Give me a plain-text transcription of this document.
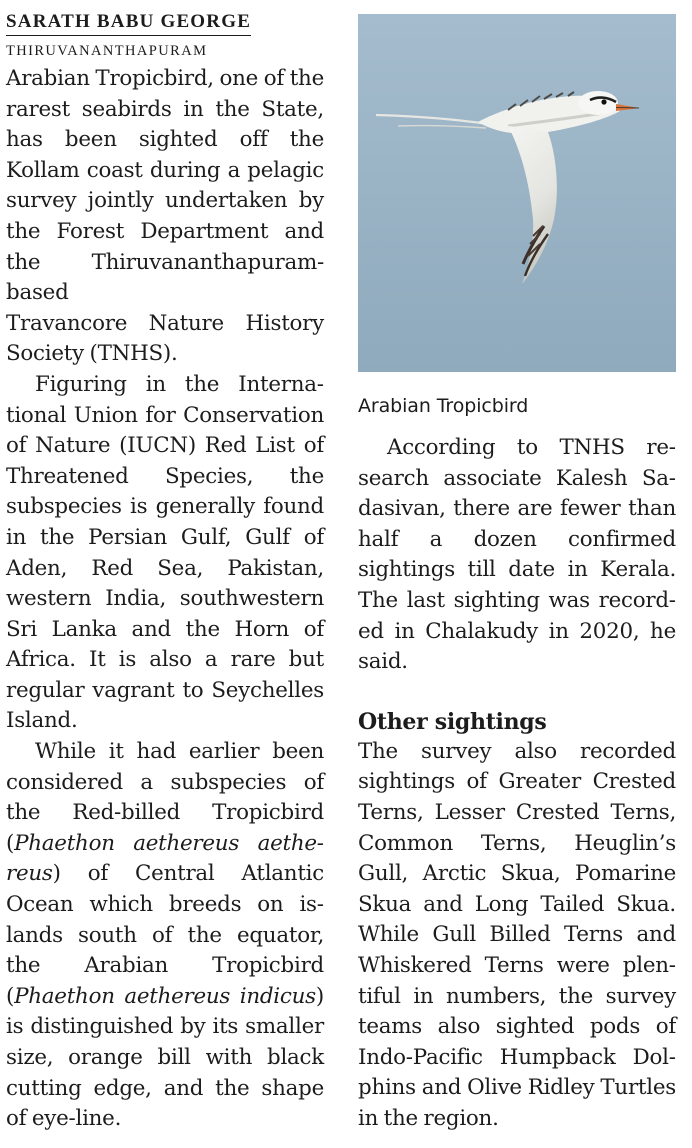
SARATH BABU GEORGE
THIRUVANANTHAPURAM

Arabian Tropicbird, one of the rarest seabirds in the State, has been sighted off the Kollam coast during a pelagic survey jointly undertaken by the Forest Department and the Thiruvananthapuram-based

Travancore Nature History Society (TNHS).

Figuring in the International Union for Conservation of Nature (IUCN) Red List of Threatened Species, the subspecies is generally found in the Persian Gulf, Gulf of Aden, Red Sea, Pakistan, western India, southwestern Sri Lanka and the Horn of Africa. It is also a rare but regular vagrant to Seychelles Island.

While it had earlier been considered a subspecies of the Red-billed Tropicbird (Phaethon aethereus aethereus) of Central Atlantic Ocean which breeds on islands south of the equator, the Arabian Tropicbird (Phaethon aethereus indicus) is distinguished by its smaller size, orange bill with black cutting edge, and the shape of eye-line.

Arabian Tropicbird

According to TNHS research associate Kalesh Sadasivan, there are fewer than half a dozen confirmed sightings till date in Kerala. The last sighting was recorded in Chalakudy in 2020, he said.

Other sightings

The survey also recorded sightings of Greater Crested Terns, Lesser Crested Terns, Common Terns, Heuglin’s Gull, Arctic Skua, Pomarine Skua and Long Tailed Skua. While Gull Billed Terns and Whiskered Terns were plentiful in numbers, the survey teams also sighted pods of Indo-Pacific Humpback Dolphins and Olive Ridley Turtles in the region.
